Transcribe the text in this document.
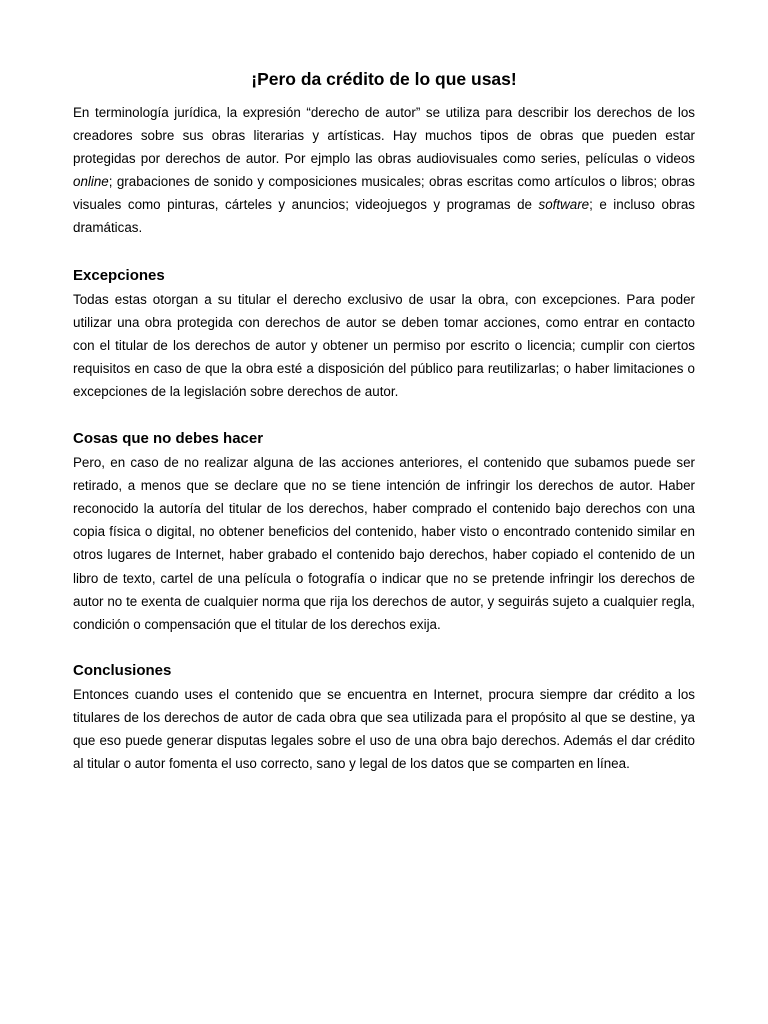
¡Pero da crédito de lo que usas!

En terminología jurídica, la expresión “derecho de autor” se utiliza para describir los derechos de los creadores sobre sus obras literarias y artísticas. Hay muchos tipos de obras que pueden estar protegidas por derechos de autor. Por ejmplo las obras audiovisuales como series, películas o videos online; grabaciones de sonido y composiciones musicales; obras escritas como artículos o libros; obras visuales como pinturas, cárteles y anuncios; videojuegos y programas de software; e incluso obras dramáticas.

Excepciones

Todas estas otorgan a su titular el derecho exclusivo de usar la obra, con excepciones. Para poder utilizar una obra protegida con derechos de autor se deben tomar acciones, como entrar en contacto con el titular de los derechos de autor y obtener un permiso por escrito o licencia; cumplir con ciertos requisitos en caso de que la obra esté a disposición del público para reutilizarlas; o haber limitaciones o excepciones de la legislación sobre derechos de autor.

Cosas que no debes hacer

Pero, en caso de no realizar alguna de las acciones anteriores, el contenido que subamos puede ser retirado, a menos que se declare que no se tiene intención de infringir los derechos de autor. Haber reconocido la autoría del titular de los derechos, haber comprado el contenido bajo derechos con una copia física o digital, no obtener beneficios del contenido, haber visto o encontrado contenido similar en otros lugares de Internet, haber grabado el contenido bajo derechos, haber copiado el contenido de un libro de texto, cartel de una película o fotografía o indicar que no se pretende infringir los derechos de autor no te exenta de cualquier norma que rija los derechos de autor, y seguirás sujeto a cualquier regla, condición o compensación que el titular de los derechos exija.

Conclusiones

Entonces cuando uses el contenido que se encuentra en Internet, procura siempre dar crédito a los titulares de los derechos de autor de cada obra que sea utilizada para el propósito al que se destine, ya que eso puede generar disputas legales sobre el uso de una obra bajo derechos. Además el dar crédito al titular o autor fomenta el uso correcto, sano y legal de los datos que se comparten en línea.
